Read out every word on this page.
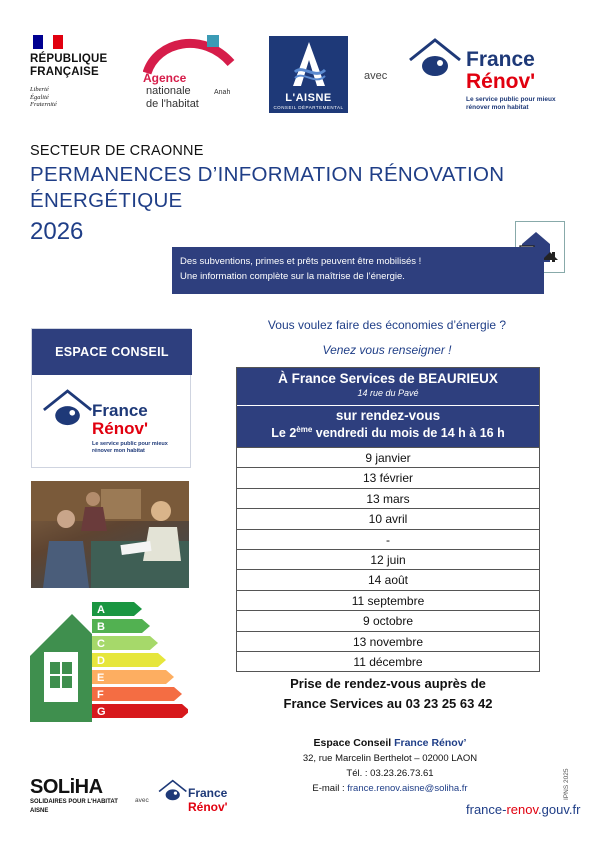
RÉPUBLIQUE
FRANÇAISE
Liberté
Égalité
Fraternité
Agence
nationale
de l'habitat
Anah	L'AISNE
CONSEIL DÉPARTEMENTAL
avec
France
Rénov'
Le service public pour mieux
rénover mon habitat
SECTEUR DE CRAONNE
PERMANENCES D’INFORMATION RÉNOVATION
ÉNERGÉTIQUE
2026
Des subventions, primes et prêts peuvent être mobilisés !
Une information complète sur la maîtrise de l’énergie.
ESPACE CONSEIL
France
Rénov'
Le service public pour mieux
rénover mon habitat
A
B
C
D
E
F
G
Vous voulez faire des économies d’énergie ?
Venez vous renseigner !
À France Services de BEAURIEUX
14 rue du Pavé
sur rendez-vous
Le 2ème vendredi du mois de 14 h à 16 h
9 janvier
13 février
13 mars
10 avril
-
12 juin
14 août
11 septembre
9 octobre
13 novembre
11 décembre
Prise de rendez-vous auprès de
France Services au 03 23 25 63 42
Espace Conseil France Rénov’
32, rue Marcelin Berthelot – 02000 LAON
Tél. : 03.23.26.73.61
E-mail : france.renov.aisne@soliha.fr
SOLiHA
SOLIDAIRES POUR L'HABITAT
AISNE
avec
France
Rénov'	france-renov.gouv.fr
IPNS 2025
